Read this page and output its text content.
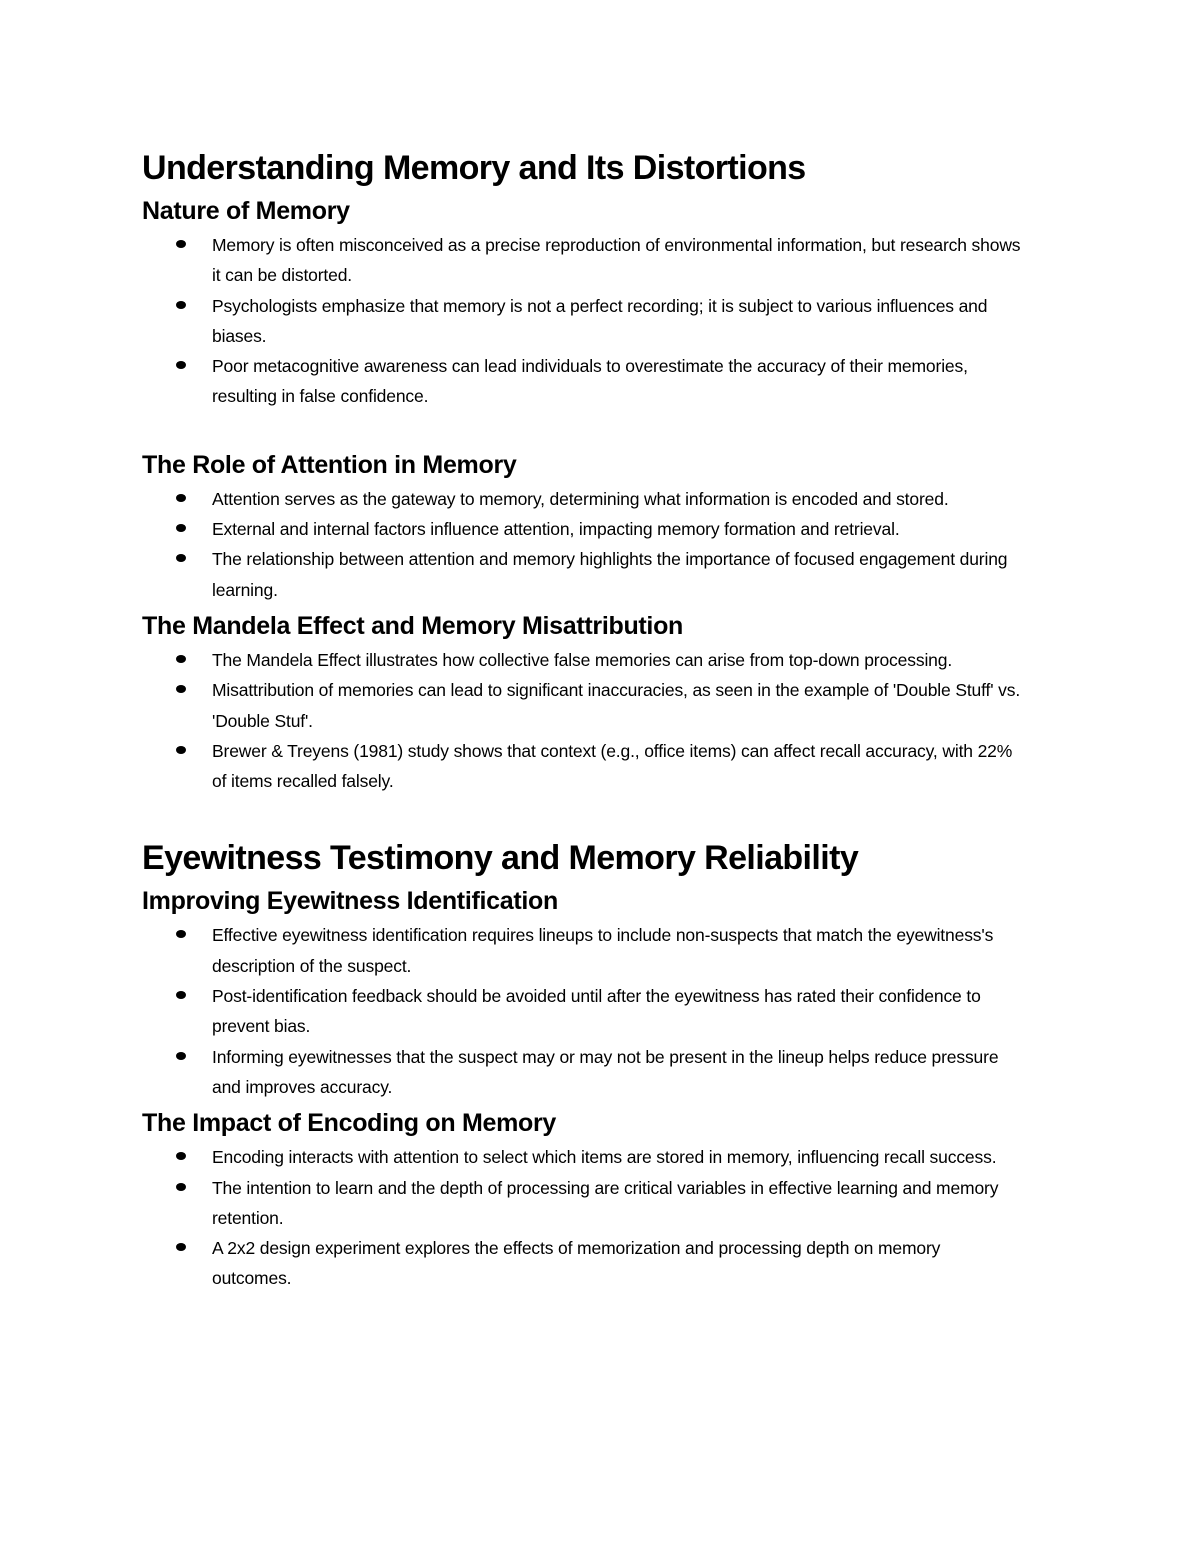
Understanding Memory and Its Distortions
Nature of Memory
Memory is often misconceived as a precise reproduction of environmental information, but research shows it can be distorted.
Psychologists emphasize that memory is not a perfect recording; it is subject to various influences and biases.
Poor metacognitive awareness can lead individuals to overestimate the accuracy of their memories, resulting in false confidence.
The Role of Attention in Memory
Attention serves as the gateway to memory, determining what information is encoded and stored.
External and internal factors influence attention, impacting memory formation and retrieval.
The relationship between attention and memory highlights the importance of focused engagement during learning.
The Mandela Effect and Memory Misattribution
The Mandela Effect illustrates how collective false memories can arise from top-down processing.
Misattribution of memories can lead to significant inaccuracies, as seen in the example of 'Double Stuff' vs. 'Double Stuf'.
Brewer & Treyens (1981) study shows that context (e.g., office items) can affect recall accuracy, with 22% of items recalled falsely.
Eyewitness Testimony and Memory Reliability
Improving Eyewitness Identification
Effective eyewitness identification requires lineups to include non-suspects that match the eyewitness's description of the suspect.
Post-identification feedback should be avoided until after the eyewitness has rated their confidence to prevent bias.
Informing eyewitnesses that the suspect may or may not be present in the lineup helps reduce pressure and improves accuracy.
The Impact of Encoding on Memory
Encoding interacts with attention to select which items are stored in memory, influencing recall success.
The intention to learn and the depth of processing are critical variables in effective learning and memory retention.
A 2x2 design experiment explores the effects of memorization and processing depth on memory outcomes.
